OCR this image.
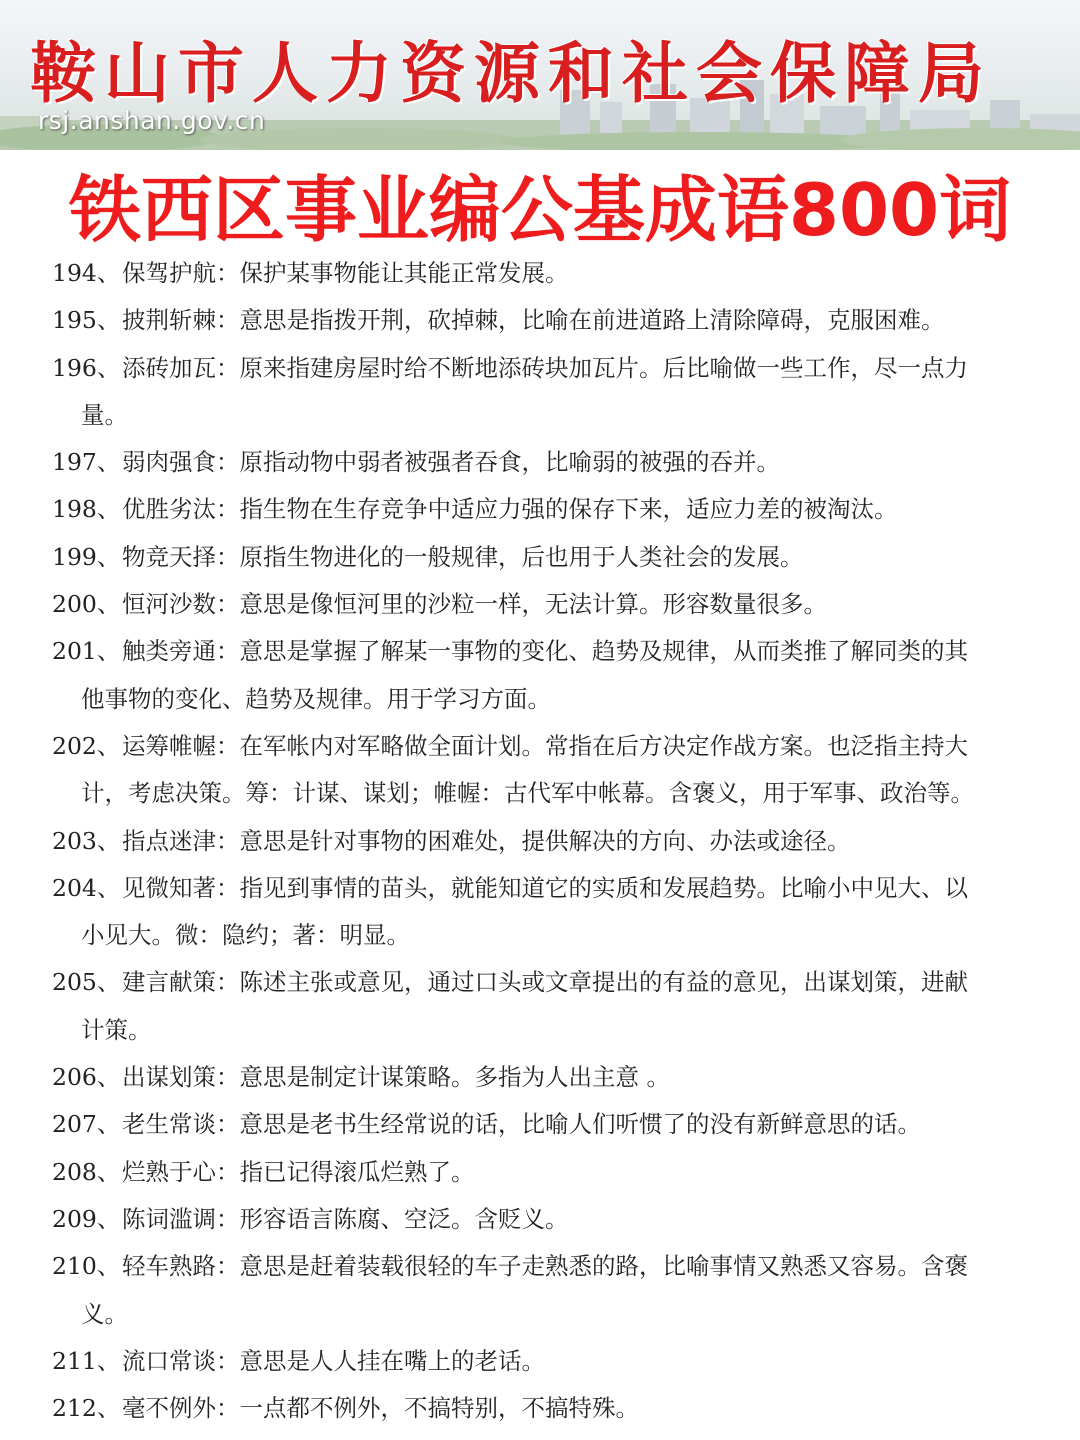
鞍山市人力资源和社会保障局
rsj.anshan.gov.cn
铁西区事业编公基成语800词
194、 保驾护航 ： 保护某事物能让其能正常发展。
195、 披荆斩棘 ： 意思是指拨开荆，砍掉棘，比喻在前进道路上清除障碍，克服困难。
196、 添砖加瓦 ： 原来指建房屋时给不断地添砖块加瓦片。后比喻做一些工作，尽一点力
量。
197、 弱肉强食 ： 原指动物中弱者被强者吞食，比喻弱的被强的吞并。
198、 优胜劣汰 ： 指生物在生存竞争中适应力强的保存下来，适应力差的被淘汰。
199、 物竞天择 ： 原指生物进化的一般规律，后也用于人类社会的发展。
200、 恒河沙数 ： 意思是像恒河里的沙粒一样，无法计算。形容数量很多。
201、 触类旁通 ： 意思是掌握了解某一事物的变化、趋势及规律，从而类推了解同类的其
他事物的变化、趋势及规律。用于学习方面。
202、 运筹帷幄 ： 在军帐内对军略做全面计划。常指在后方决定作战方案。也泛指主持大
计，考虑决策。筹：计谋、谋划；帷幄：古代军中帐幕。含褒义，用于军事、政治等。
203、 指点迷津 ： 意思是针对事物的困难处，提供解决的方向、办法或途径。
204、 见微知著 ： 指见到事情的苗头，就能知道它的实质和发展趋势。比喻小中见大、以
小见大。微：隐约；著：明显。
205、 建言献策 ： 陈述主张或意见，通过口头或文章提出的有益的意见，出谋划策，进献
计策。
206、 出谋划策 ： 意思是制定计谋策略。多指为人出主意 。
207、 老生常谈 ： 意思是老书生经常说的话，比喻人们听惯了的没有新鲜意思的话。
208、 烂熟于心 ： 指已记得滚瓜烂熟了。
209、 陈词滥调 ： 形容语言陈腐、空泛。含贬义。
210、 轻车熟路 ： 意思是赶着装载很轻的车子走熟悉的路，比喻事情又熟悉又容易。含褒
义。
211、 流口常谈 ： 意思是人人挂在嘴上的老话。
212、 毫不例外 ： 一点都不例外，不搞特别，不搞特殊。
